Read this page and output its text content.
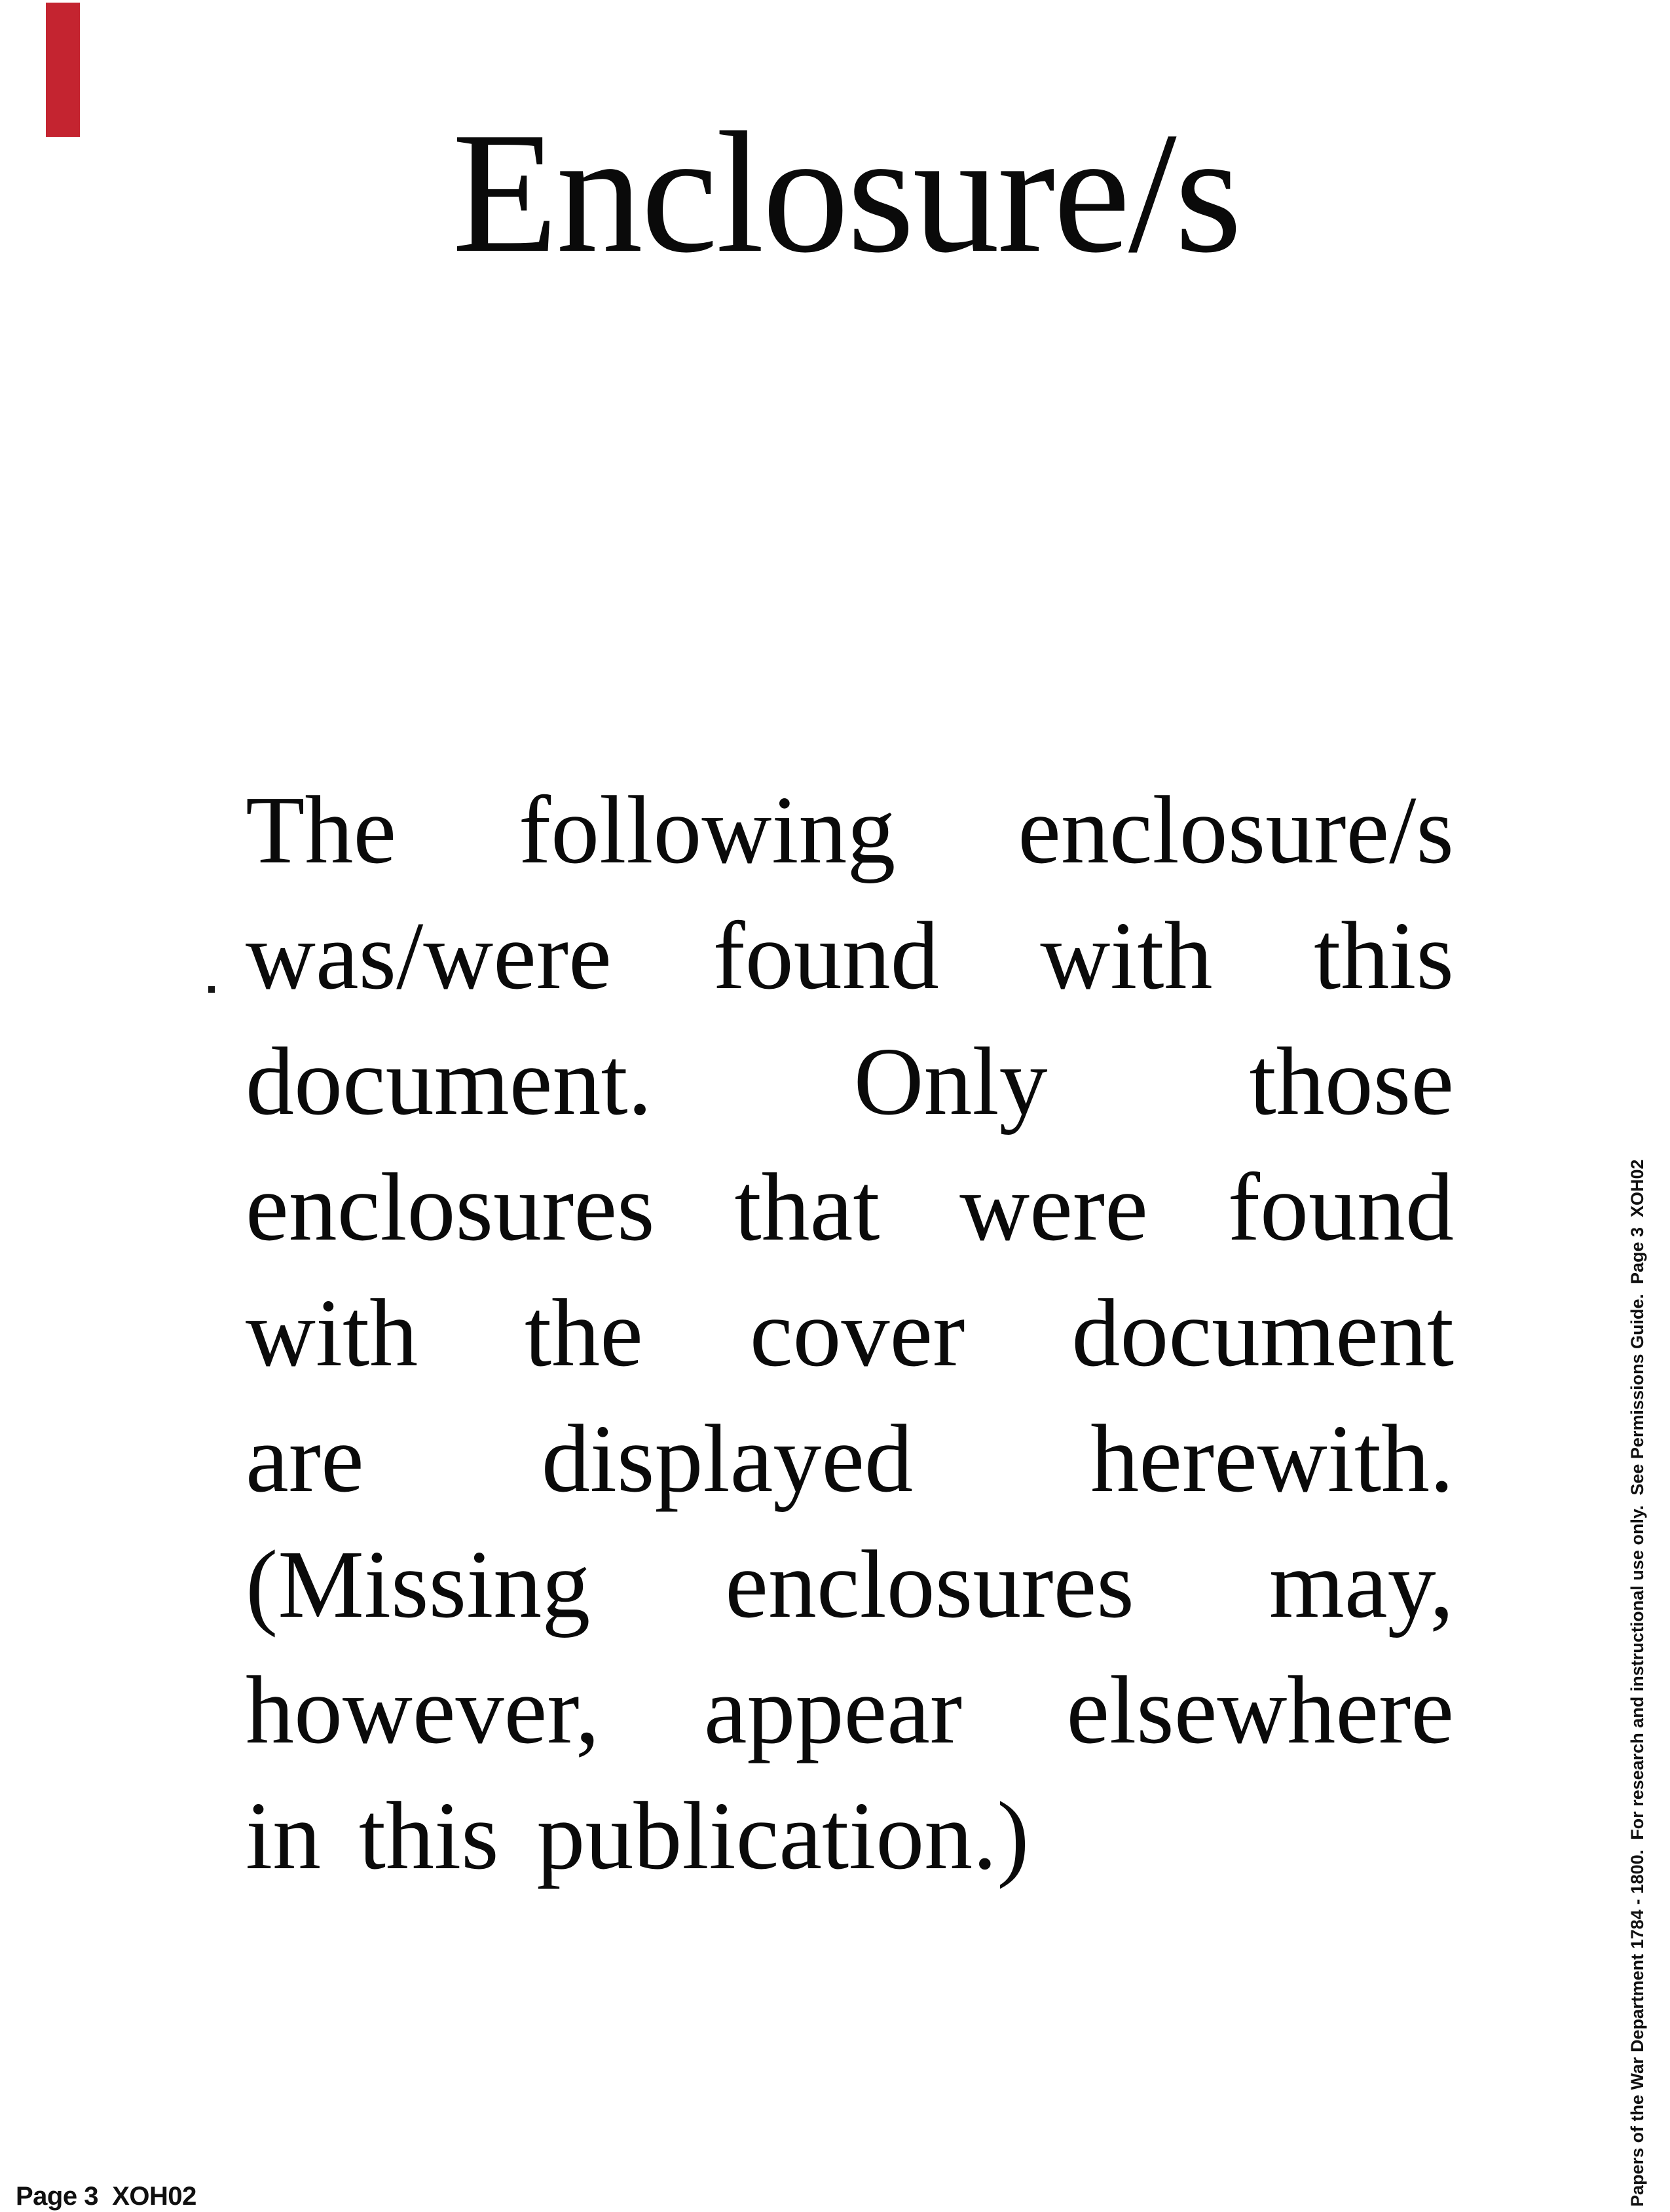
Enclosure/s
The following enclosure/s
was/were found with this
document. Only those
enclosures that were found
with the cover document
are displayed herewith.
(Missing enclosures may,
however, appear elsewhere
in this publication.)
Page 3  XOH02	Papers of the War Department 1784 - 1800.  For research and instructional use only.  See Permissions Guide.  Page 3  XOH02
